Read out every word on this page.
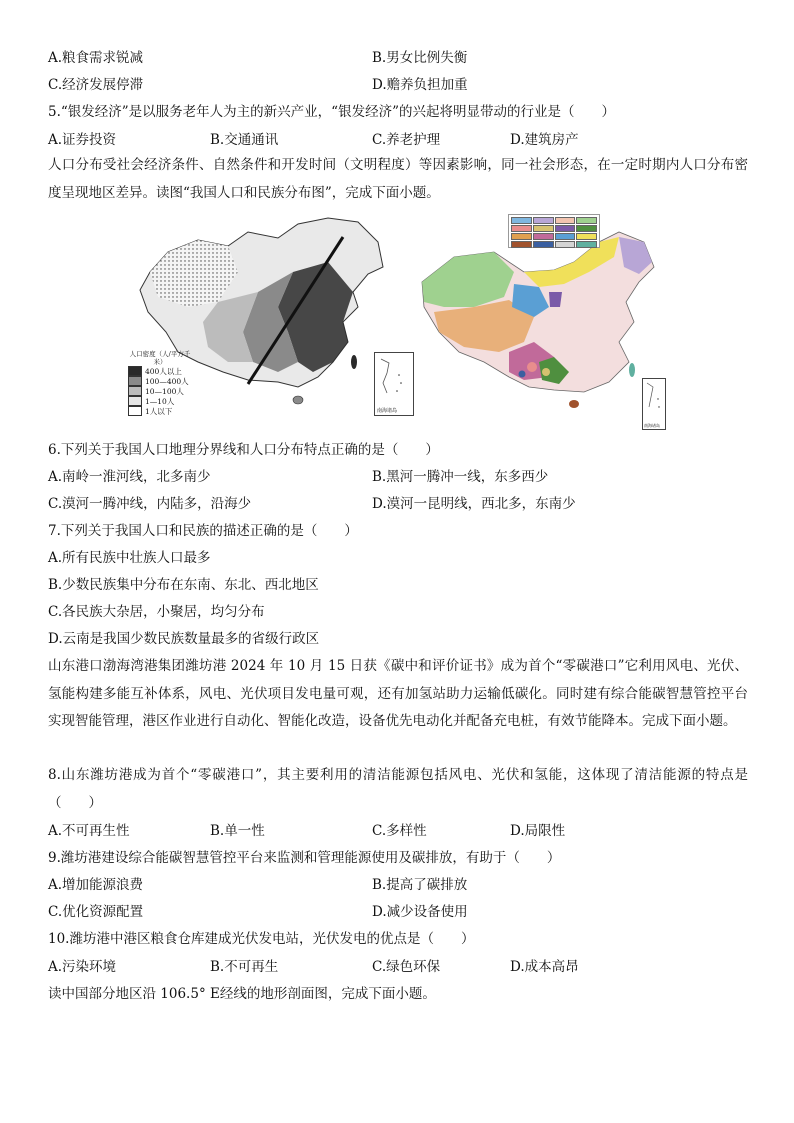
A.粮食需求锐减	B.男女比例失衡
C.经济发展停滞	D.赡养负担加重
5.“银发经济”是以服务老年人为主的新兴产业，“银发经济”的兴起将明显带动的行业是（　　）
A.证券投资	B.交通通讯	C.养老护理	D.建筑房产
人口分布受社会经济条件、自然条件和开发时间（文明程度）等因素影响，同一社会形态，在一定时期内人口分布密度呈现地区差异。读图“我国人口和民族分布图”，完成下面小题。
人口密度（人/平方千米）
400人以上
100—400人
10—100人
1—10人
1人以下	南海诸岛
南海诸岛
6.下列关于我国人口地理分界线和人口分布特点正确的是（　　）
A.南岭一淮河线，北多南少	B.黑河一腾冲一线，东多西少
C.漠河一腾冲线，内陆多，沿海少	D.漠河一昆明线，西北多，东南少
7.下列关于我国人口和民族的描述正确的是（　　）
A.所有民族中壮族人口最多
B.少数民族集中分布在东南、东北、西北地区
C.各民族大杂居，小聚居，均匀分布
D.云南是我国少数民族数量最多的省级行政区
山东港口渤海湾港集团潍坊港 2024 年 10 月 15 日获《碳中和评价证书》成为首个“零碳港口”它利用风电、光伏、氢能构建多能互补体系，风电、光伏项目发电量可观，还有加氢站助力运输低碳化。同时建有综合能碳智慧管控平台实现智能管理，港区作业进行自动化、智能化改造，设备优先电动化并配备充电桩，有效节能降本。完成下面小题。
8.山东潍坊港成为首个“零碳港口”，其主要利用的清洁能源包括风电、光伏和氢能，这体现了清洁能源的特点是（　　）
A.不可再生性	B.单一性	C.多样性	D.局限性
9.潍坊港建设综合能碳智慧管控平台来监测和管理能源使用及碳排放，有助于（　　）
A.增加能源浪费	B.提高了碳排放
C.优化资源配置	D.减少设备使用
10.潍坊港中港区粮食仓库建成光伏发电站，光伏发电的优点是（　　）
A.污染环境	B.不可再生	C.绿色环保	D.成本高昂
读中国部分地区沿 106.5° E经线的地形剖面图，完成下面小题。
